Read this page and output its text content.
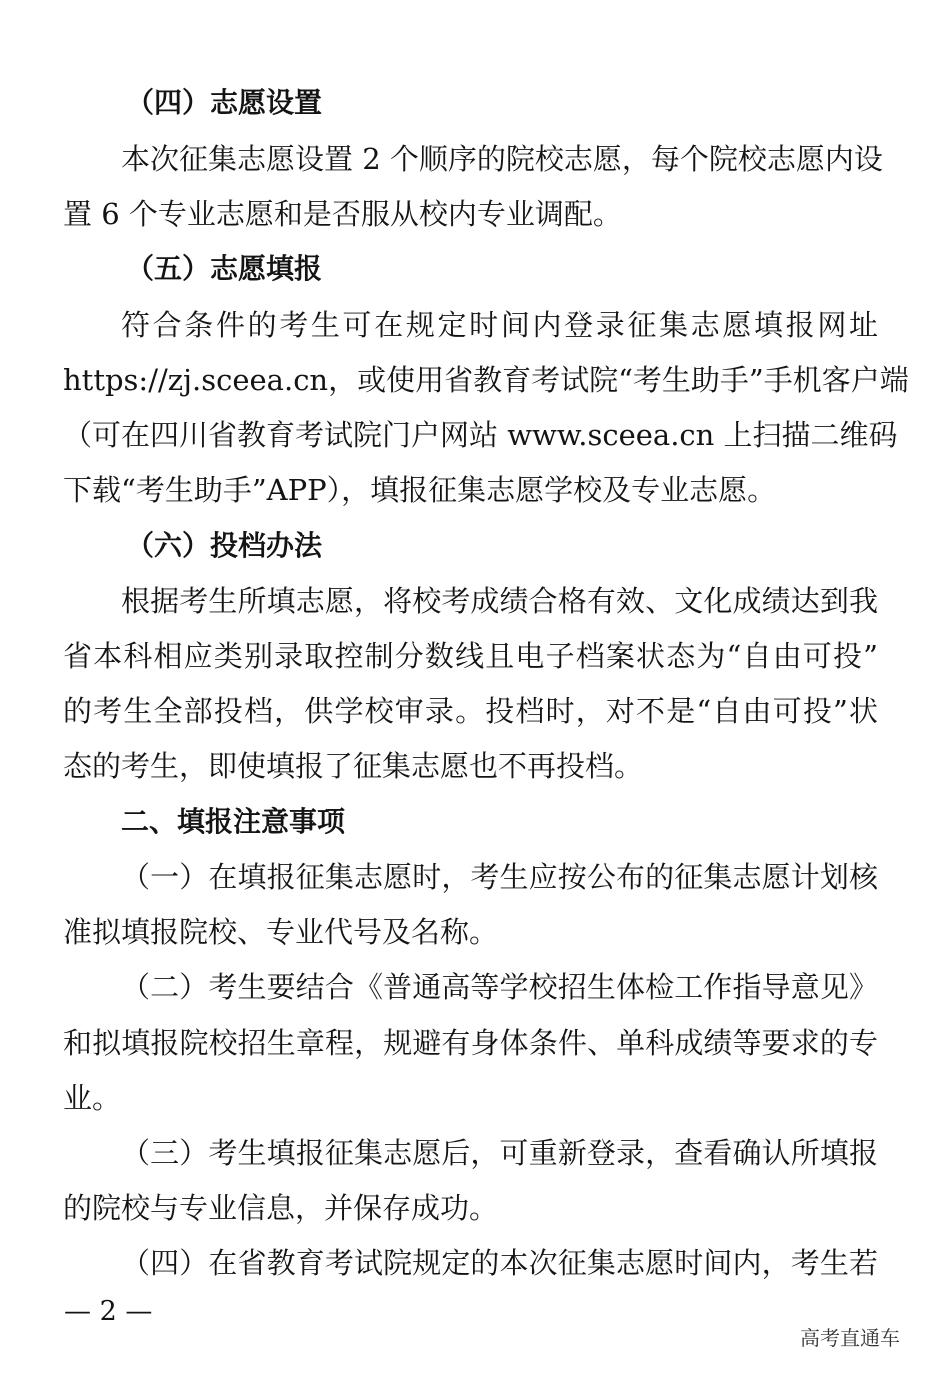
（四）志愿设置
本次征集志愿设置 2 个顺序的院校志愿，每个院校志愿内设
置 6 个专业志愿和是否服从校内专业调配。
（五）志愿填报
符合条件的考生可在规定时间内登录征集志愿填报网址
https://zj.sceea.cn，或使用省教育考试院“考生助手”手机客户端
（可在四川省教育考试院门户网站 www.sceea.cn 上扫描二维码
下载“考生助手”APP），填报征集志愿学校及专业志愿。
（六）投档办法
根据考生所填志愿，将校考成绩合格有效、文化成绩达到我
省本科相应类别录取控制分数线且电子档案状态为“自由可投”
的考生全部投档，供学校审录。投档时，对不是“自由可投”状
态的考生，即使填报了征集志愿也不再投档。
二、填报注意事项
（一）在填报征集志愿时，考生应按公布的征集志愿计划核
准拟填报院校、专业代号及名称。
（二）考生要结合《普通高等学校招生体检工作指导意见》
和拟填报院校招生章程，规避有身体条件、单科成绩等要求的专
业。
（三）考生填报征集志愿后，可重新登录，查看确认所填报
的院校与专业信息，并保存成功。
（四）在省教育考试院规定的本次征集志愿时间内，考生若
— 2 —
高考直通车
